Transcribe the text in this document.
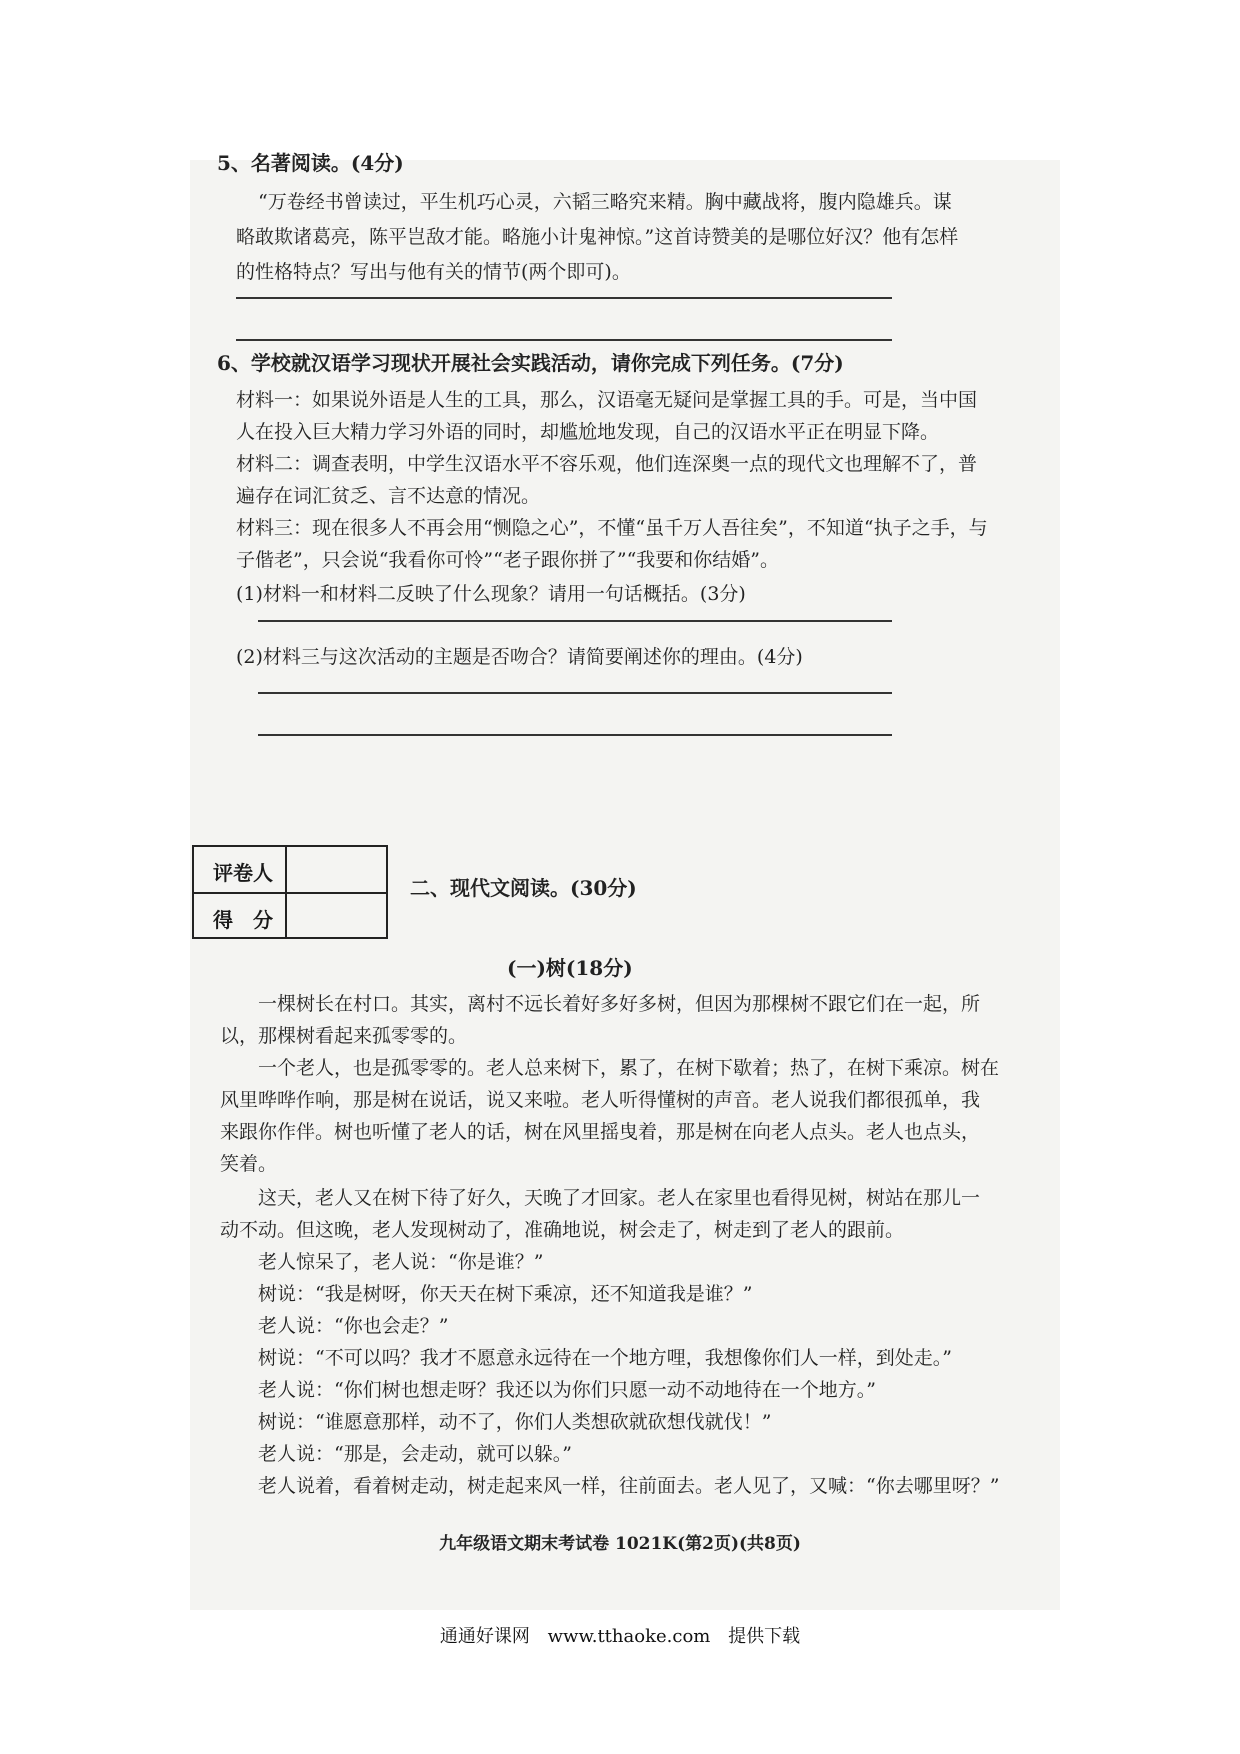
5、名著阅读。(4分)
“万卷经书曾读过，平生机巧心灵，六韬三略究来精。胸中藏战将，腹内隐雄兵。谋
略敢欺诸葛亮，陈平岂敌才能。略施小计鬼神惊。”这首诗赞美的是哪位好汉？他有怎样
的性格特点？写出与他有关的情节(两个即可)。
6、学校就汉语学习现状开展社会实践活动，请你完成下列任务。(7分)
材料一：如果说外语是人生的工具，那么，汉语毫无疑问是掌握工具的手。可是，当中国
人在投入巨大精力学习外语的同时，却尴尬地发现，自己的汉语水平正在明显下降。
材料二：调查表明，中学生汉语水平不容乐观，他们连深奥一点的现代文也理解不了，普
遍存在词汇贫乏、言不达意的情况。
材料三：现在很多人不再会用“恻隐之心”，不懂“虽千万人吾往矣”，不知道“执子之手，与
子偕老”，只会说“我看你可怜”“老子跟你拼了”“我要和你结婚”。
(1)材料一和材料二反映了什么现象？请用一句话概括。(3分)
(2)材料三与这次活动的主题是否吻合？请简要阐述你的理由。(4分)
评卷人
得　分
二、现代文阅读。(30分)
(一)树(18分)
　　一棵树长在村口。其实，离村不远长着好多好多树，但因为那棵树不跟它们在一起，所
以，那棵树看起来孤零零的。
　　一个老人，也是孤零零的。老人总来树下，累了，在树下歇着；热了，在树下乘凉。树在
风里哗哗作响，那是树在说话，说又来啦。老人听得懂树的声音。老人说我们都很孤单，我
来跟你作伴。树也听懂了老人的话，树在风里摇曳着，那是树在向老人点头。老人也点头，
笑着。
　　这天，老人又在树下待了好久，天晚了才回家。老人在家里也看得见树，树站在那儿一
动不动。但这晚，老人发现树动了，准确地说，树会走了，树走到了老人的跟前。
　　老人惊呆了，老人说：“你是谁？”
　　树说：“我是树呀，你天天在树下乘凉，还不知道我是谁？”
　　老人说：“你也会走？”
　　树说：“不可以吗？我才不愿意永远待在一个地方哩，我想像你们人一样，到处走。”
　　老人说：“你们树也想走呀？我还以为你们只愿一动不动地待在一个地方。”
　　树说：“谁愿意那样，动不了，你们人类想砍就砍想伐就伐！”
　　老人说：“那是，会走动，就可以躲。”
　　老人说着，看着树走动，树走起来风一样，往前面去。老人见了，又喊：“你去哪里呀？”
九年级语文期末考试卷 1021K(第2页)(共8页)
通通好课网 www.tthaoke.com 提供下载
